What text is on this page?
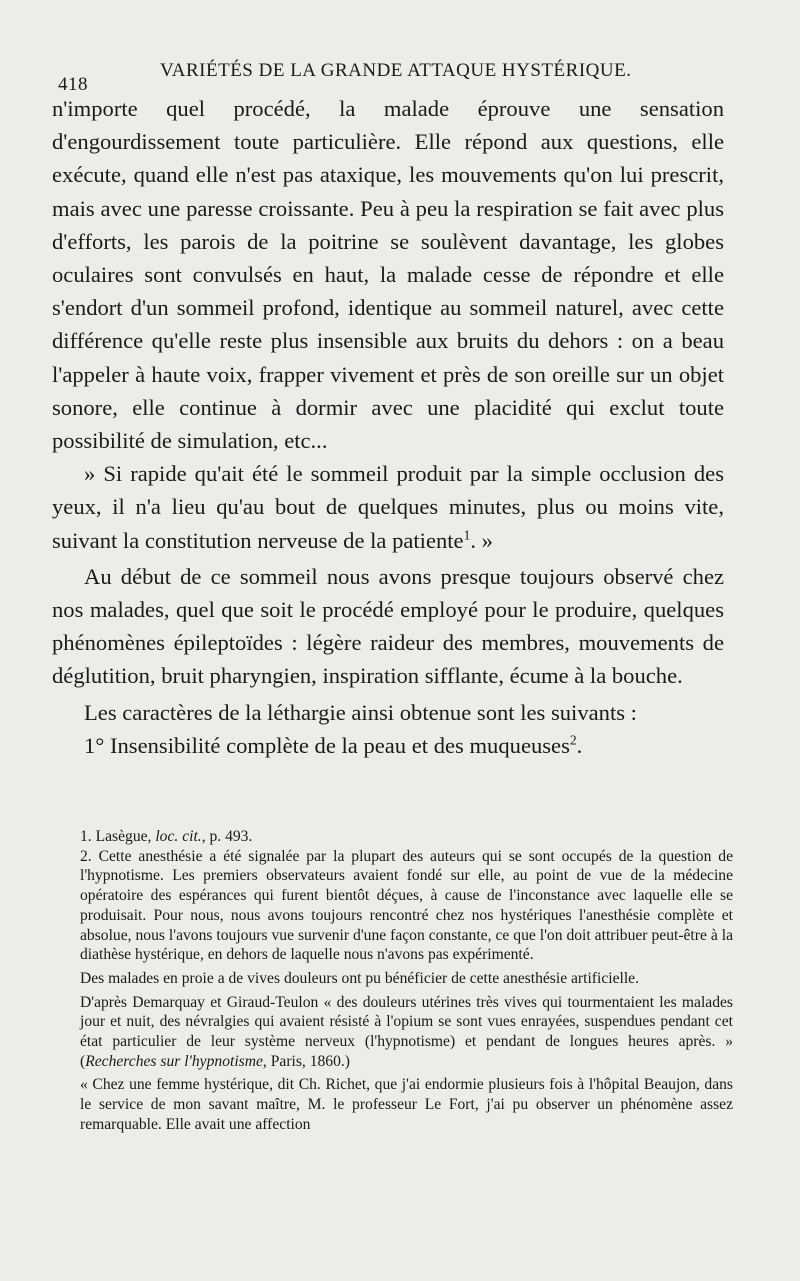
418
VARIÉTÉS DE LA GRANDE ATTAQUE HYSTÉRIQUE.

n'importe quel procédé, la malade éprouve une sensation d'engourdissement toute particulière. Elle répond aux questions, elle exécute, quand elle n'est pas ataxique, les mouvements qu'on lui prescrit, mais avec une paresse croissante. Peu à peu la respiration se fait avec plus d'efforts, les parois de la poitrine se soulèvent davantage, les globes oculaires sont convulsés en haut, la malade cesse de répondre et elle s'endort d'un sommeil profond, identique au sommeil naturel, avec cette différence qu'elle reste plus insensible aux bruits du dehors : on a beau l'appeler à haute voix, frapper vivement et près de son oreille sur un objet sonore, elle continue à dormir avec une placidité qui exclut toute possibilité de simulation, etc...

» Si rapide qu'ait été le sommeil produit par la simple occlusion des yeux, il n'a lieu qu'au bout de quelques minutes, plus ou moins vite, suivant la constitution nerveuse de la patiente$^1$. »

Au début de ce sommeil nous avons presque toujours observé chez nos malades, quel que soit le procédé employé pour le produire, quelques phénomènes épileptoïdes : légère raideur des membres, mouvements de déglutition, bruit pharyngien, inspiration sifflante, écume à la bouche.

Les caractères de la léthargie ainsi obtenue sont les suivants :

1° Insensibilité complète de la peau et des muqueuses$^2$.

1. Lasègue, loc. cit., p. 493.

2. Cette anesthésie a été signalée par la plupart des auteurs qui se sont occupés de la question de l'hypnotisme. Les premiers observateurs avaient fondé sur elle, au point de vue de la médecine opératoire des espérances qui furent bientôt déçues, à cause de l'inconstance avec laquelle elle se produisait. Pour nous, nous avons toujours rencontré chez nos hystériques l'anesthésie complète et absolue, nous l'avons toujours vue survenir d'une façon constante, ce que l'on doit attribuer peut-être à la diathèse hystérique, en dehors de laquelle nous n'avons pas expérimenté.

Des malades en proie a de vives douleurs ont pu bénéficier de cette anesthésie artificielle.

D'après Demarquay et Giraud-Teulon « des douleurs utérines très vives qui tourmentaient les malades jour et nuit, des névralgies qui avaient résisté à l'opium se sont vues enrayées, suspendues pendant cet état particulier de leur système nerveux (l'hypnotisme) et pendant de longues heures après. » (Recherches sur l'hypnotisme, Paris, 1860.)

« Chez une femme hystérique, dit Ch. Richet, que j'ai endormie plusieurs fois à l'hôpital Beaujon, dans le service de mon savant maître, M. le professeur Le Fort, j'ai pu observer un phénomène assez remarquable. Elle avait une affection
